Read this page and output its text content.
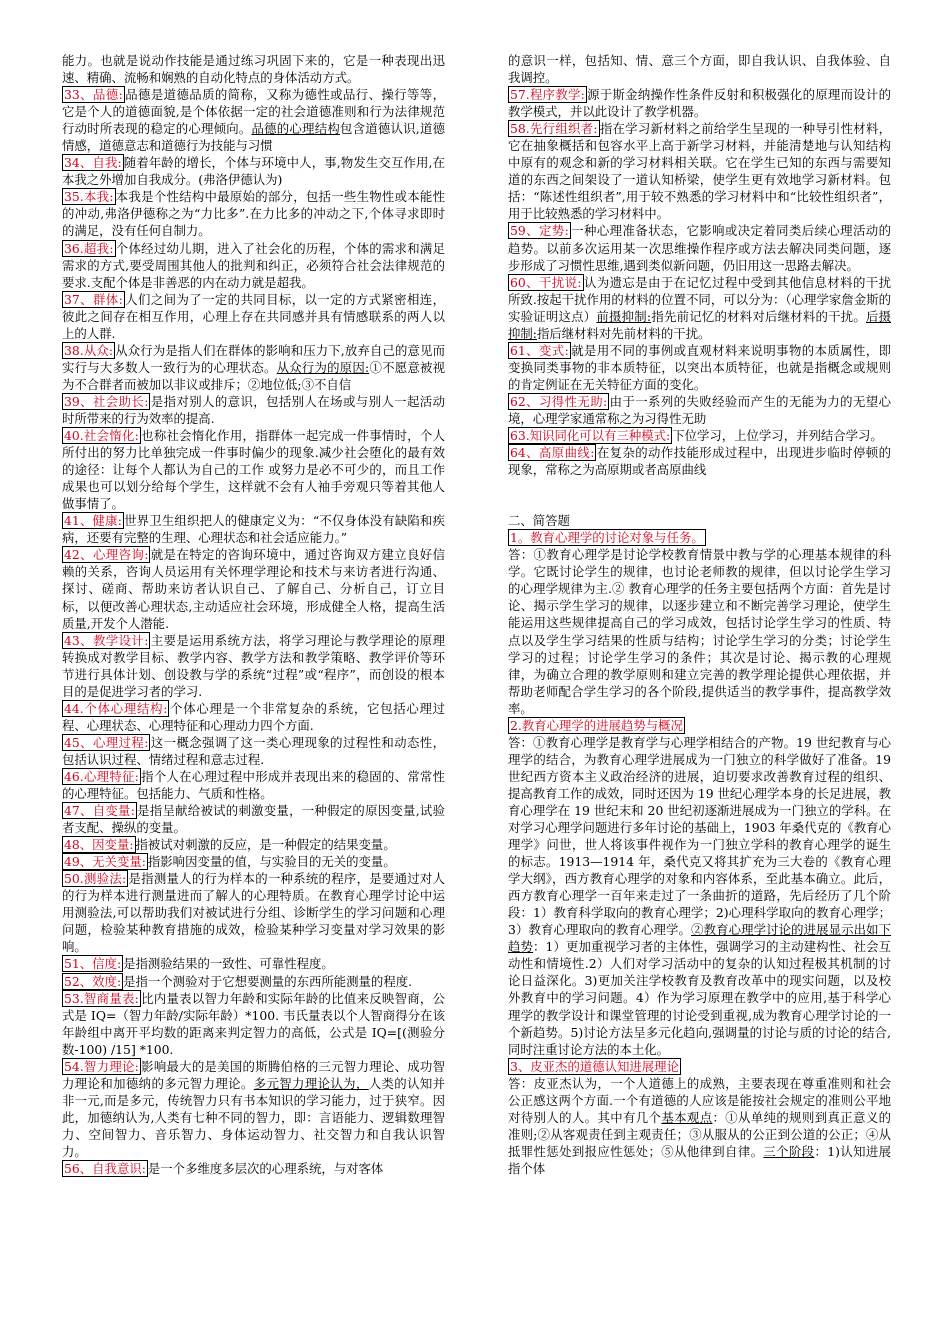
能力。也就是说动作技能是通过练习巩固下来的，它是一种表现出迅速、精确、流畅和娴熟的自动化特点的身体活动方式。

33、品德: 品德是道德品质的简称，又称为德性或品行、操行等等，它是个人的道德面貌,是个体依据一定的社会道德准则和行为法律规范行动时所表现的稳定的心理倾向。品德的心理结构包含道德认识,道德情感，道德意志和道德行为技能与习惯

34、自我: 随着年龄的增长，个体与环境中人，事,物发生交互作用,在本我之外增加自我成分。(弗洛伊德认为)

35.本我: 本我是个性结构中最原始的部分，包括一些生物性或本能性的冲动,弗洛伊德称之为“力比多”.在力比多的冲动之下,个体寻求即时的满足，没有任何自制力。

36.超我: 个体经过幼儿期，进入了社会化的历程，个体的需求和满足需求的方式,要受周围其他人的批判和纠正，必须符合社会法律规范的要求.支配个体是非善恶的内在动力就是超我。

37、群体: 人们之间为了一定的共同目标，以一定的方式紧密相连，彼此之间存在相互作用，心理上存在共同感并具有情感联系的两人以上的人群.

38.从众: 从众行为是指人们在群体的影响和压力下,放弃自己的意见而实行与大多数人一致行为的心理状态。从众行为的原因:①不愿意被视为不合群者而被加以非议或排斥；②地位低;③不自信

39、社会助长: 是指对别人的意识，包括别人在场或与别人一起活动时所带来的行为效率的提高.

40.社会惰化: 也称社会惰化作用，指群体一起完成一件事情时，个人所付出的努力比单独完成一件事时偏少的现象.减少社会堕化的最有效的途径：让每个人都认为自己的工作 或努力是必不可少的，而且工作成果也可以划分给每个学生，这样就不会有人袖手旁观只等着其他人做事情了。

41、健康: 世界卫生组织把人的健康定义为：“不仅身体没有缺陷和疾病，还要有完整的生理、心理状态和社会适应能力。”

42、心理咨询: 就是在特定的咨询环境中，通过咨询双方建立良好信赖的关系，咨询人员运用有关怀理学理论和技术与来访者进行沟通、探讨、磋商、帮助来访者认识自己、了解自己、分析自己，订立目标，以便改善心理状态,主动适应社会环境，形成健全人格，提高生活质量,开发个人潜能.

43、教学设计: 主要是运用系统方法，将学习理论与教学理论的原理转换成对教学目标、教学内容、教学方法和教学策略、教学评价等环节进行具体计划、创设教与学的系统“过程”或“程序”，而创设的根本目的是促进学习者的学习.

44.个体心理结构: 个体心理是一个非常复杂的系统，它包括心理过程、心理状态、心理特征和心理动力四个方面.

45、心理过程: 这一概念强调了这一类心理现象的过程性和动态性，包括认识过程、情绪过程和意志过程.

46.心理特征: 指个人在心理过程中形成并表现出来的稳固的、常常性的心理特征。包括能力、气质和性格。

47、自变量: 是指呈献给被试的刺激变量，一种假定的原因变量,试验者支配、操纵的变量。

48、因变量: 指被试对刺激的反应，是一种假定的结果变量。

49、无关变量: 指影响因变量的值，与实验目的无关的变量。

50.测验法: 是指测量人的行为样本的一种系统的程序，是要通过对人的行为样本进行测量进而了解人的心理特质。在教育心理学讨论中运用测验法,可以帮助我们对被试进行分组、诊断学生的学习问题和心理问题，检验某种教育措施的成效，检验某种学习变量对学习效果的影响。

51、信度: 是指测验结果的一致性、可靠性程度。

52、效度: 是指一个测验对于它想要测量的东西所能测量的程度.

53.智商量表: 比内量表以智力年龄和实际年龄的比值来反映智商，公式是 IQ=（智力年龄/实际年龄）*100. 韦氏量表以个人智商得分在该年龄组中离开平均数的距离来判定智力的高低，公式是 IQ=[(测验分数-100) /15] *100.

54.智力理论: 影响最大的是美国的斯腾伯格的三元智力理论、成功智力理论和加德纳的多元智力理论。多元智力理论认为，人类的认知并非一元,而是多元，传统智力只有书本知识的学习能力，过于狭窄。因此，加德纳认为,人类有七种不同的智力，即：言语能力、逻辑数理智力、空间智力、音乐智力、身体运动智力、社交智力和自我认识智力。

56、自我意识: 是一个多维度多层次的心理系统，与对客体

的意识一样，包括知、情、意三个方面，即自我认识、自我体验、自我调控。

57.程序教学: 源于斯金纳操作性条件反射和积极强化的原理而设计的教学模式，并以此设计了教学机器。

58.先行组织者: 指在学习新材料之前给学生呈现的一种导引性材料，它在抽象概括和包容水平上高于新学习材料，并能清楚地与认知结构中原有的观念和新的学习材料相关联。它在学生已知的东西与需要知道的东西之间架设了一道认知桥梁，使学生更有效地学习新材料。包括：“陈述性组织者”,用于较不熟悉的学习材料中和“比较性组织者”，用于比较熟悉的学习材料中。

59、定势: 一种心理准备状态，它影响或决定着同类后续心理活动的趋势。以前多次运用某一次思维操作程序或方法去解决同类问题，逐步形成了习惯性思维,遇到类似新问题，仍旧用这一思路去解决。

60、干扰说: 认为遗忘是由于在记忆过程中受到其他信息材料的干扰所致.按起干扰作用的材料的位置不同，可以分为：（心理学家詹金斯的实验证明这点）前摄抑制:指先前记忆的材料对后继材料的干扰。后摄抑制:指后继材料对先前材料的干扰。

61、变式: 就是用不同的事例或直观材料来说明事物的本质属性，即变换同类事物的非本质特征，以突出本质特征，也就是指概念或规则的肯定例证在无关特征方面的变化。

62、习得性无助: 由于一系列的失败经验而产生的无能为力的无望心境，心理学家通常称之为习得性无助

63.知识同化可以有三种模式: 下位学习，上位学习，并列结合学习。

64、高原曲线: 在复杂的动作技能形成过程中，出现进步临时停顿的现象，常称之为高原期或者高原曲线

二、简答题

1。教育心理学的讨论对象与任务。
答：①教育心理学是讨论学校教育情景中教与学的心理基本规律的科学。它既讨论学生的规律，也讨论老师教的规律，但以讨论学生学习的心理学规律为主.② 教育心理学的任务主要包括两个方面：首先是讨论、揭示学生学习的规律，以逐步建立和不断完善学习理论，使学生能运用这些规律提高自己的学习成效，包括讨论学生学习的性质、特点以及学生学习结果的性质与结构；讨论学生学习的分类；讨论学生学习的过程；讨论学生学习的条件；其次是讨论、揭示教的心理规律，为确立合理的教学原则和建立完善的教学理论提供心理依据，并帮助老师配合学生学习的各个阶段,提供适当的教学事件，提高教学效率。

2.教育心理学的进展趋势与概况
答：①教育心理学是教育学与心理学相结合的产物。19 世纪教育与心理学的结合，为教育心理学进展成为一门独立的科学做好了准备。19 世纪西方资本主义政治经济的进展，迫切要求改善教育过程的组织、提高教育工作的成效，同时还因为 19 世纪心理学本身的长足进展，教育心理学在 19 世纪末和 20 世纪初逐渐进展成为一门独立的学科。在对学习心理学问题进行多年讨论的基础上，1903 年桑代克的《教育心理学》问世，世人将该事件视作为一门独立学科的教育心理学的诞生的标志。1913—1914 年，桑代克又将其扩充为三大卷的《教育心理学大纲》，西方教育心理学的对象和内容体系，至此基本确立。此后，西方教育心理学一百年来走过了一条曲折的道路，先后经历了几个阶段：1）教育科学取向的教育心理学；2)心理科学取向的教育心理学；3）教育心理取向的教育心理学。②教育心理学讨论的进展显示出如下趋势：1）更加重视学习者的主体性，强调学习的主动建构性、社会互动性和情境性.2）人们对学习活动中的复杂的认知过程极其机制的讨论日益深化。3)更加关注学校教育及教育改革中的现实问题，以及校外教育中的学习问题。4）作为学习原理在教学中的应用,基于科学心理学的教学设计和课堂管理的讨论受到重视,成为教育心理学讨论的一个新趋势。5)讨论方法呈多元化趋向,强调量的讨论与质的讨论的结合,同时注重讨论方法的本土化。

3、皮亚杰的道德认知进展理论
答：皮亚杰认为，一个人道德上的成熟，主要表现在尊重准则和社会公正感这两个方面.一个有道德的人应该是能按社会规定的准则公平地对待别人的人。其中有几个基本观点：①从单纯的规则到真正意义的准则;②从客观责任到主观责任；③从服从的公正到公道的公正；④从抵罪性惩处到报应性惩处；⑤从他律到自律。三个阶段：1)认知进展指个体
